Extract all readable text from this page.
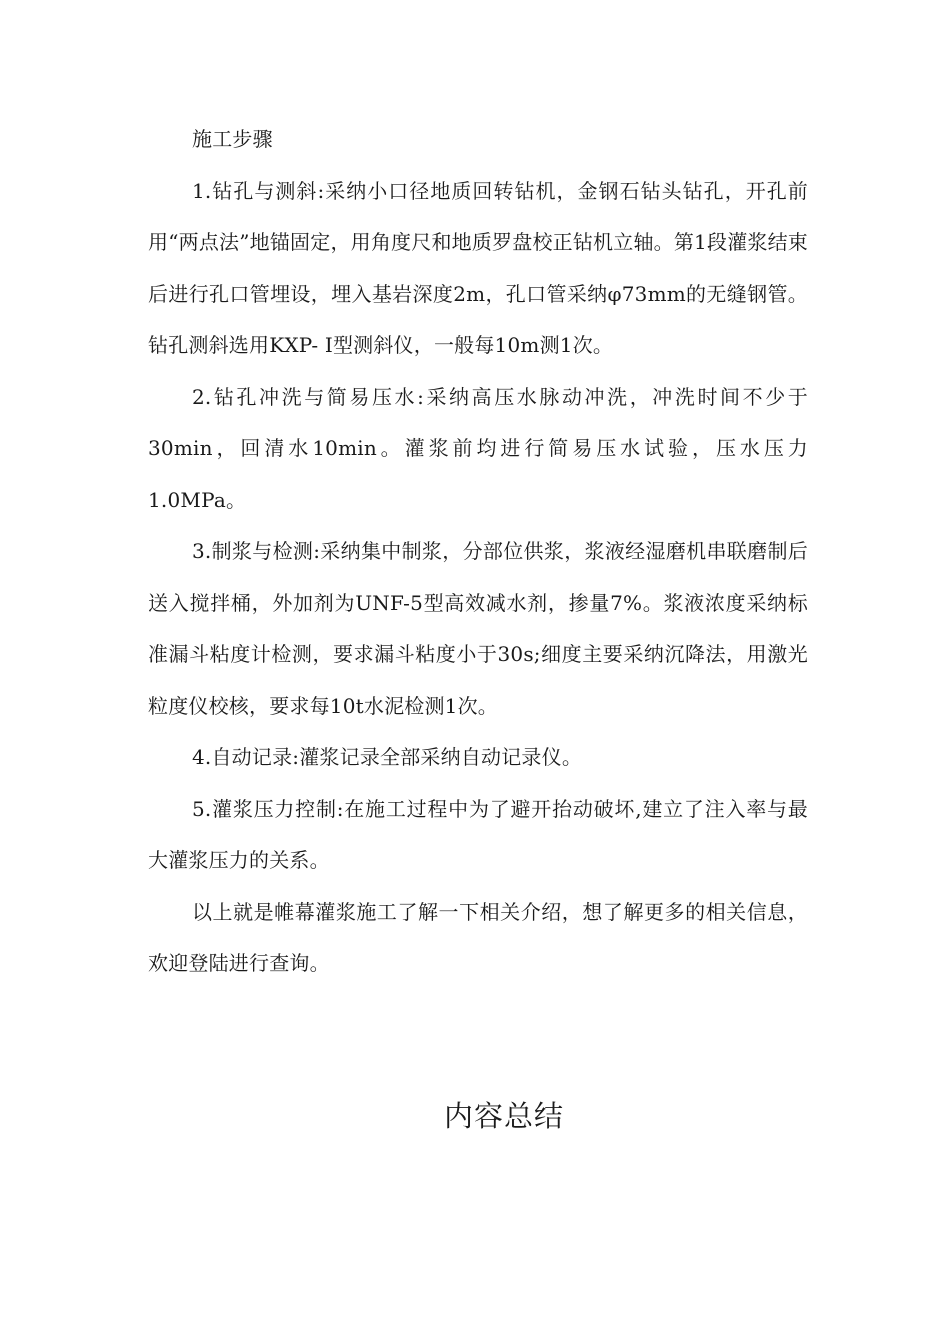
施工步骤

1.钻孔与测斜:采纳小口径地质回转钻机，金钢石钻头钻孔，开孔前用“两点法”地锚固定，用角度尺和地质罗盘校正钻机立轴。第1段灌浆结束后进行孔口管埋设，埋入基岩深度2m，孔口管采纳φ73mm的无缝钢管。钻孔测斜选用KXP- I型测斜仪，一般每10m测1次。

2.钻孔冲洗与简易压水:采纳高压水脉动冲洗，冲洗时间不少于30min，回清水10min。灌浆前均进行简易压水试验，压水压力1.0MPa。

3.制浆与检测:采纳集中制浆，分部位供浆，浆液经湿磨机串联磨制后送入搅拌桶，外加剂为UNF-5型高效减水剂，掺量7%。浆液浓度采纳标准漏斗粘度计检测，要求漏斗粘度小于30s;细度主要采纳沉降法，用激光粒度仪校核，要求每10t水泥检测1次。

4.自动记录:灌浆记录全部采纳自动记录仪。

5.灌浆压力控制:在施工过程中为了避开抬动破坏,建立了注入率与最大灌浆压力的关系。

以上就是帷幕灌浆施工了解一下相关介绍，想了解更多的相关信息，欢迎登陆进行查询。

内容总结
